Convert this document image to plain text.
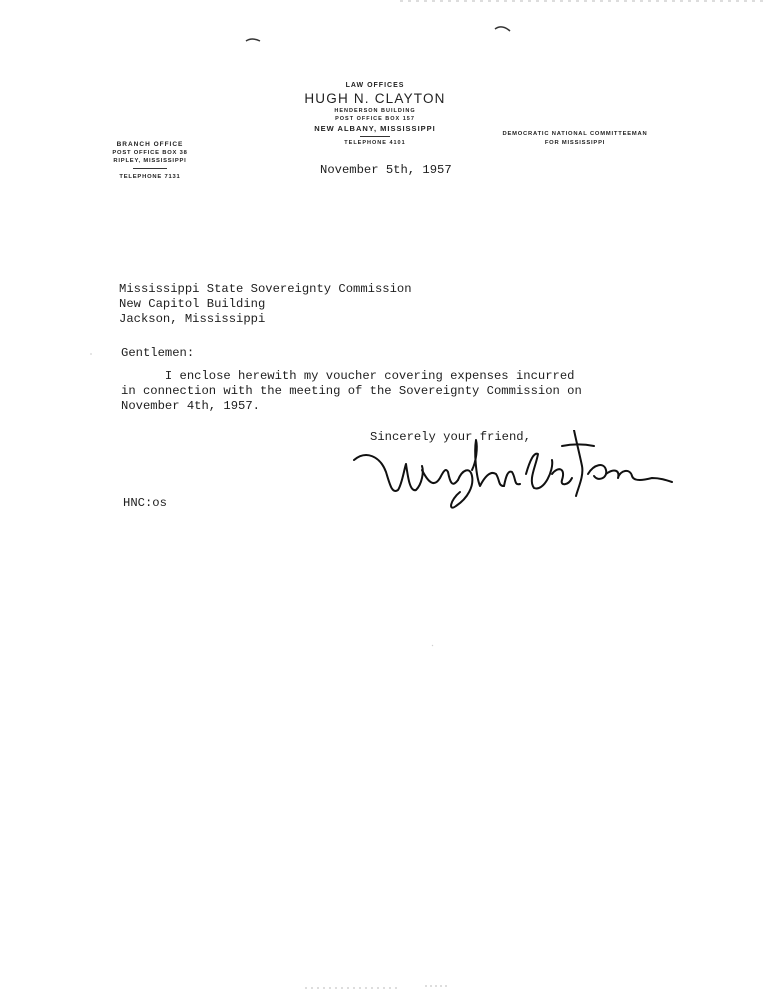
LAW OFFICES
HUGH N. CLAYTON
HENDERSON BUILDING
POST OFFICE BOX 157
NEW ALBANY, MISSISSIPPI
TELEPHONE 4101
BRANCH OFFICE
POST OFFICE BOX 38
RIPLEY, MISSISSIPPI
TELEPHONE 7131
DEMOCRATIC NATIONAL COMMITTEEMAN
FOR MISSISSIPPI
November 5th, 1957
Mississippi State Sovereignty Commission
New Capitol Building
Jackson, Mississippi
Gentlemen:
I enclose herewith my voucher covering expenses incurred
in connection with the meeting of the Sovereignty Commission on
November 4th, 1957.
Sincerely your friend,
HNC:os
